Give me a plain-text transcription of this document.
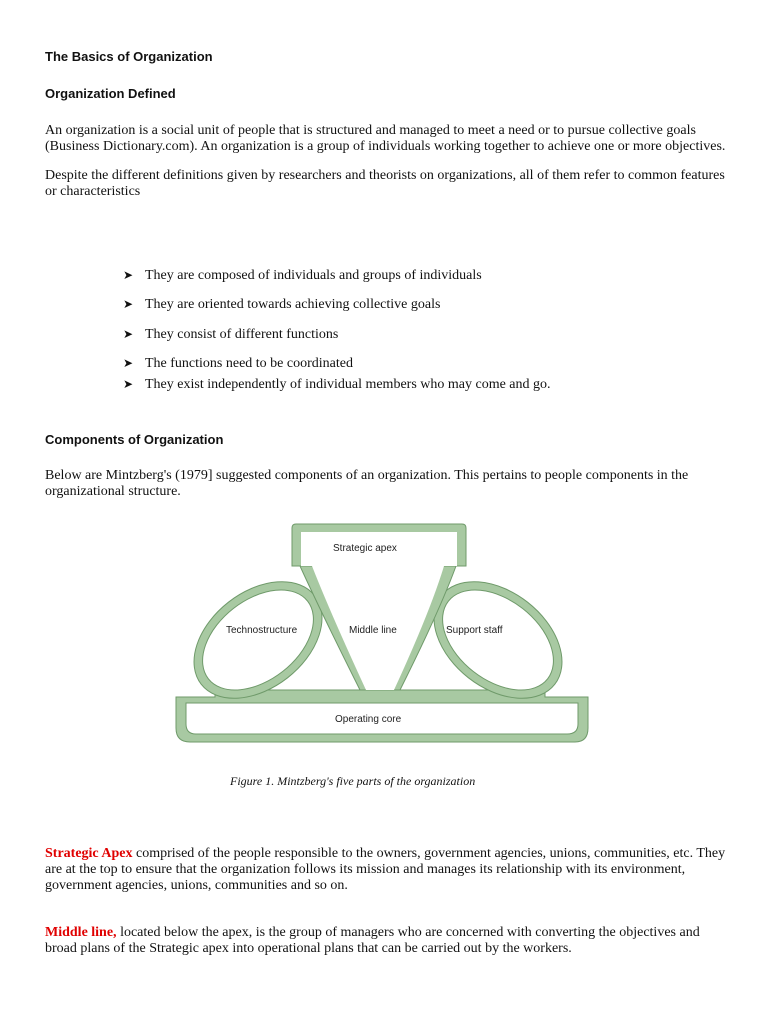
The Basics of Organization
Organization Defined
An organization is a social unit of people that is structured and managed to meet a need or to pursue collective goals (Business Dictionary.com). An organization is a group of individuals working together to achieve one or more objectives.
Despite the different definitions given by researchers and theorists on organizations, all of them refer to common features or characteristics
➤ They are composed of individuals and groups of individuals
➤ They are oriented towards achieving collective goals
➤ They consist of different functions
➤ The functions need to be coordinated
➤ They exist independently of individual members who may come and go.
Components of Organization
Below are Mintzberg's (1979] suggested components of an organization. This pertains to people components in the organizational structure.
Strategic apex
Technostructure	Middle line	Support staff
Operating core
Figure 1. Mintzberg's five parts of the organization
Strategic Apex comprised of the people responsible to the owners, government agencies, unions, communities, etc. They are at the top to ensure that the organization follows its mission and manages its relationship with its environment, government agencies, unions, communities and so on.
Middle line, located below the apex, is the group of managers who are concerned with converting the objectives and broad plans of the Strategic apex into operational plans that can be carried out by the workers.
